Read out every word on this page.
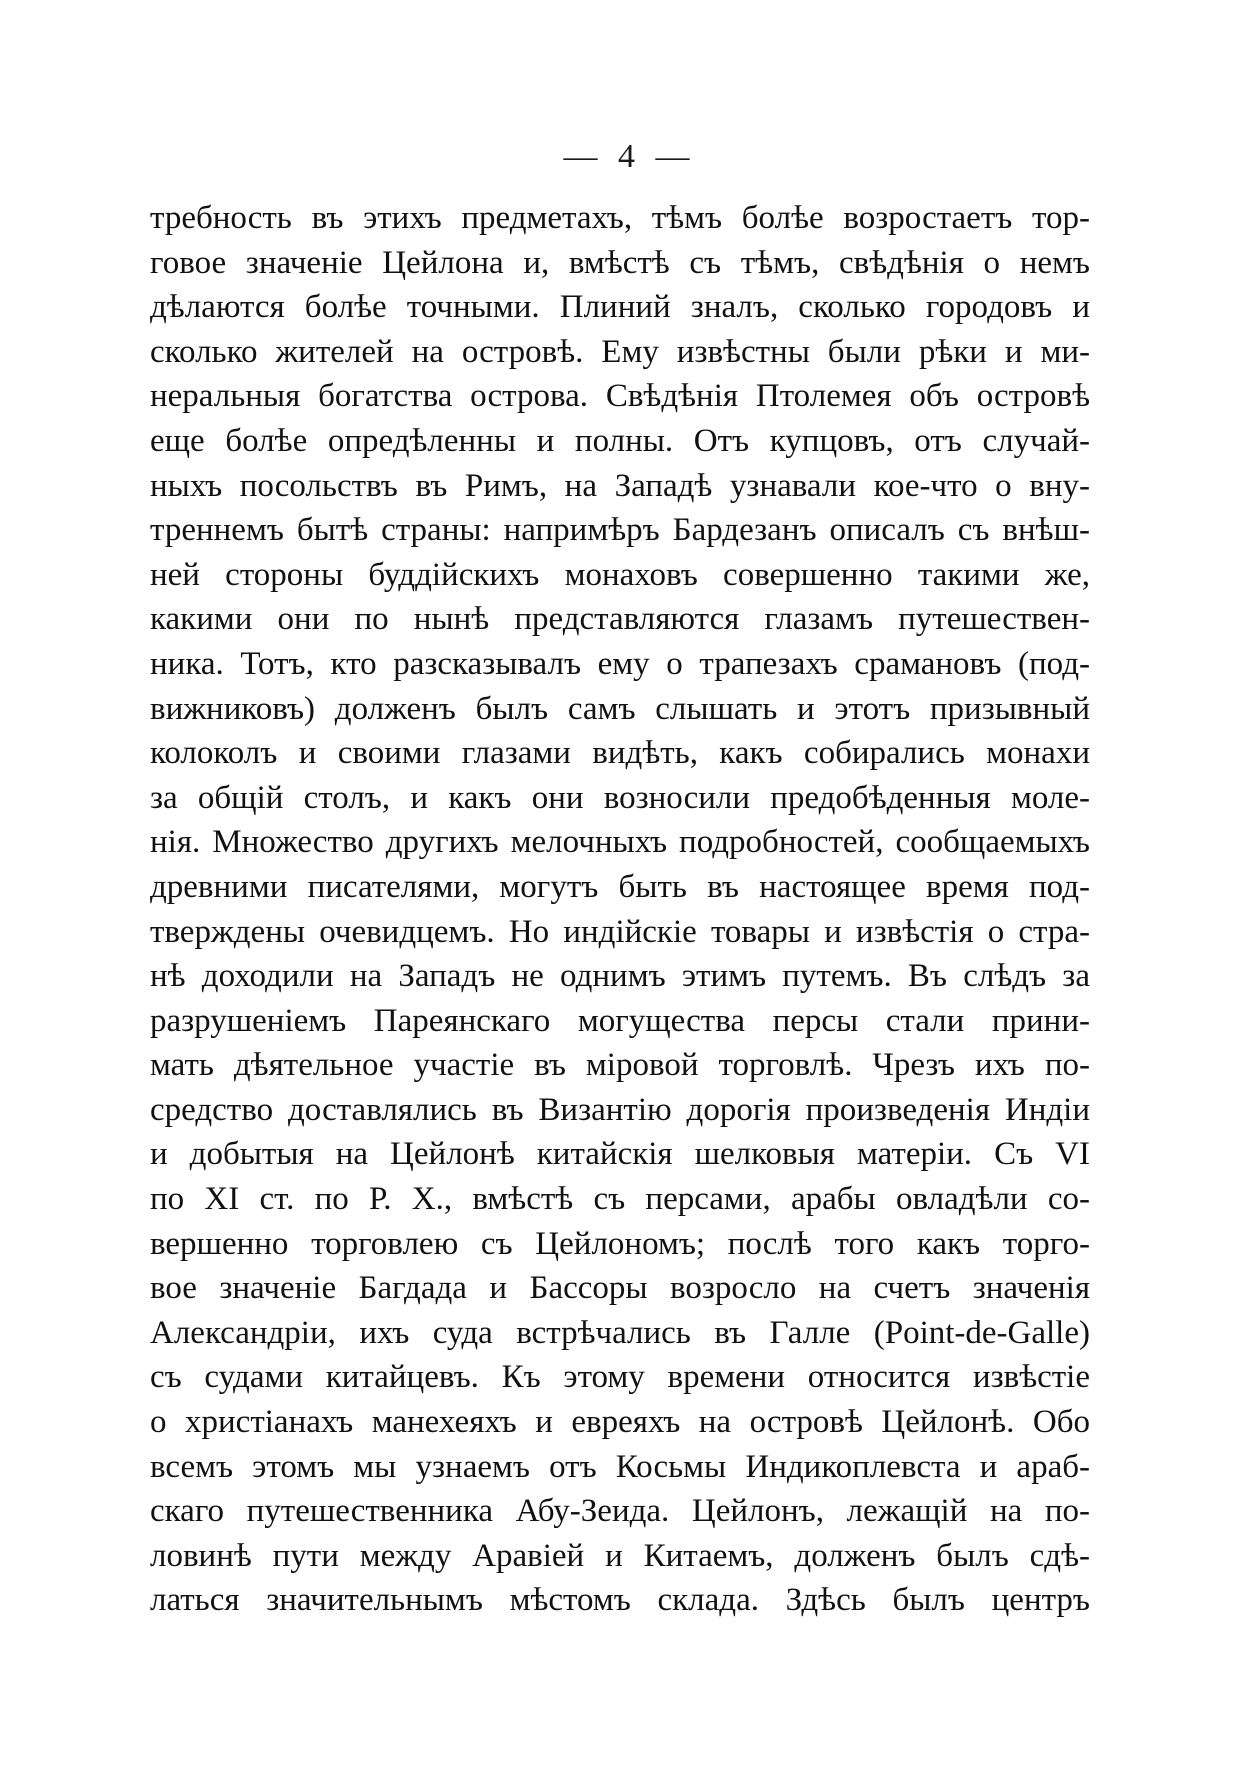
— 4 —
требность въ этихъ предметахъ, тѣмъ болѣе возростаетъ тор-
говое значенiе Цейлона и, вмѣстѣ съ тѣмъ, свѣдѣнiя о немъ
дѣлаются болѣе точными. Плиний зналъ, сколько городовъ и
сколько жителей на островѣ. Ему извѣстны были рѣки и ми-
неральныя богатства острова. Свѣдѣнiя Птолемея объ островѣ
еще болѣе опредѣленны и полны. Отъ купцовъ, отъ случай-
ныхъ посольствъ въ Римъ, на Западѣ узнавали кое-что о вну-
треннемъ бытѣ страны: напримѣръ Бардезанъ описалъ съ внѣш-
ней стороны буддiйскихъ монаховъ совершенно такими же,
какими они по нынѣ представляются глазамъ путешествен-
ника. Тотъ, кто разсказывалъ ему о трапезахъ срамановъ (под-
вижниковъ) долженъ былъ самъ слышать и этотъ призывный
колоколъ и своими глазами видѣть, какъ собирались монахи
за общiй столъ, и какъ они возносили предобѣденныя моле-
нiя. Множество другихъ мелочныхъ подробностей, сообщаемыхъ
древними писателями, могутъ быть въ настоящее время под-
тверждены очевидцемъ. Но индiйскiе товары и извѣстiя о стра-
нѣ доходили на Западъ не однимъ этимъ путемъ. Въ слѣдъ за
разрушенiемъ Пареянскаго могущества персы стали прини-
мать дѣятельное участiе въ мiровой торговлѣ. Чрезъ ихъ по-
средство доставлялись въ Византiю дорогiя произведенiя Индiи
и добытыя на Цейлонѣ китайскiя шелковыя матерiи. Съ VI
по XI ст. по Р. Х., вмѣстѣ съ персами, арабы овладѣли со-
вершенно торговлею съ Цейлономъ; послѣ того какъ торго-
вое значенiе Багдада и Бассоры возросло на счетъ значенiя
Александрiи, ихъ суда встрѣчались въ Галле (Point-de-Galle)
съ судами китайцевъ. Къ этому времени относится извѣстiе
о христiанахъ манехеяхъ и евреяхъ на островѣ Цейлонѣ. Обо
всемъ этомъ мы узнаемъ отъ Косьмы Индикоплевста и араб-
скаго путешественника Абу-Зеида. Цейлонъ, лежащiй на по-
ловинѣ пути между Аравiей и Китаемъ, долженъ былъ сдѣ-
латься значительнымъ мѣстомъ склада. Здѣсь былъ центръ
